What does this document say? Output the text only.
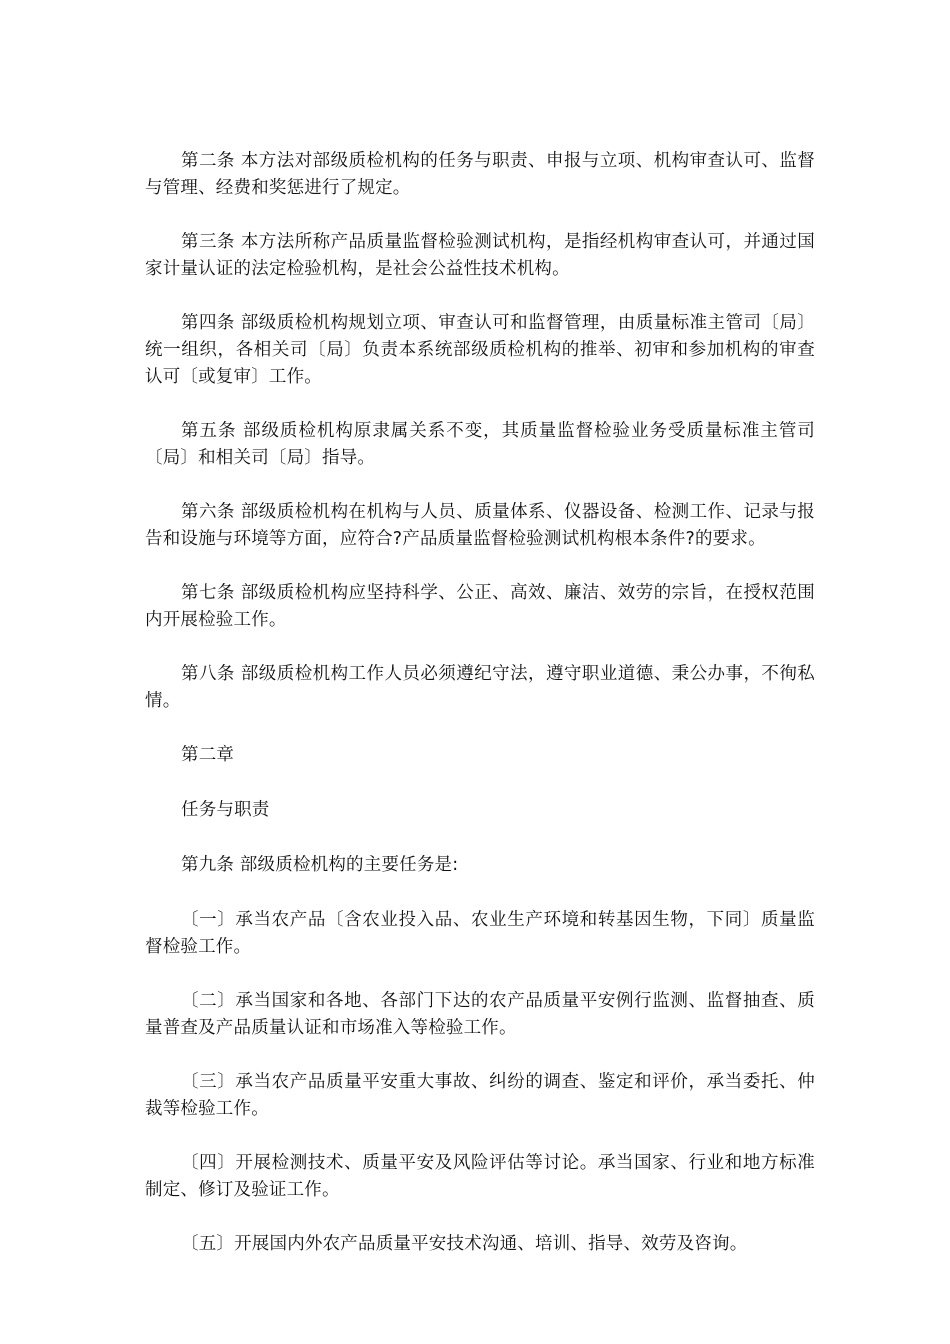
第二条 本方法对部级质检机构的任务与职责、申报与立项、机构审查认可、监督与管理、经费和奖惩进行了规定。

第三条 本方法所称产品质量监督检验测试机构，是指经机构审查认可，并通过国家计量认证的法定检验机构，是社会公益性技术机构。

第四条 部级质检机构规划立项、审查认可和监督管理，由质量标准主管司〔局〕统一组织，各相关司〔局〕负责本系统部级质检机构的推举、初审和参加机构的审查认可〔或复审〕工作。

第五条 部级质检机构原隶属关系不变，其质量监督检验业务受质量标准主管司〔局〕和相关司〔局〕指导。

第六条 部级质检机构在机构与人员、质量体系、仪器设备、检测工作、记录与报告和设施与环境等方面，应符合?产品质量监督检验测试机构根本条件?的要求。

第七条 部级质检机构应坚持科学、公正、高效、廉洁、效劳的宗旨，在授权范围内开展检验工作。

第八条 部级质检机构工作人员必须遵纪守法，遵守职业道德、秉公办事，不徇私情。

第二章

任务与职责

第九条 部级质检机构的主要任务是:

〔一〕承当农产品〔含农业投入品、农业生产环境和转基因生物，下同〕质量监督检验工作。

〔二〕承当国家和各地、各部门下达的农产品质量平安例行监测、监督抽查、质量普查及产品质量认证和市场准入等检验工作。

〔三〕承当农产品质量平安重大事故、纠纷的调查、鉴定和评价，承当委托、仲裁等检验工作。

〔四〕开展检测技术、质量平安及风险评估等讨论。承当国家、行业和地方标准制定、修订及验证工作。

〔五〕开展国内外农产品质量平安技术沟通、培训、指导、效劳及咨询。
